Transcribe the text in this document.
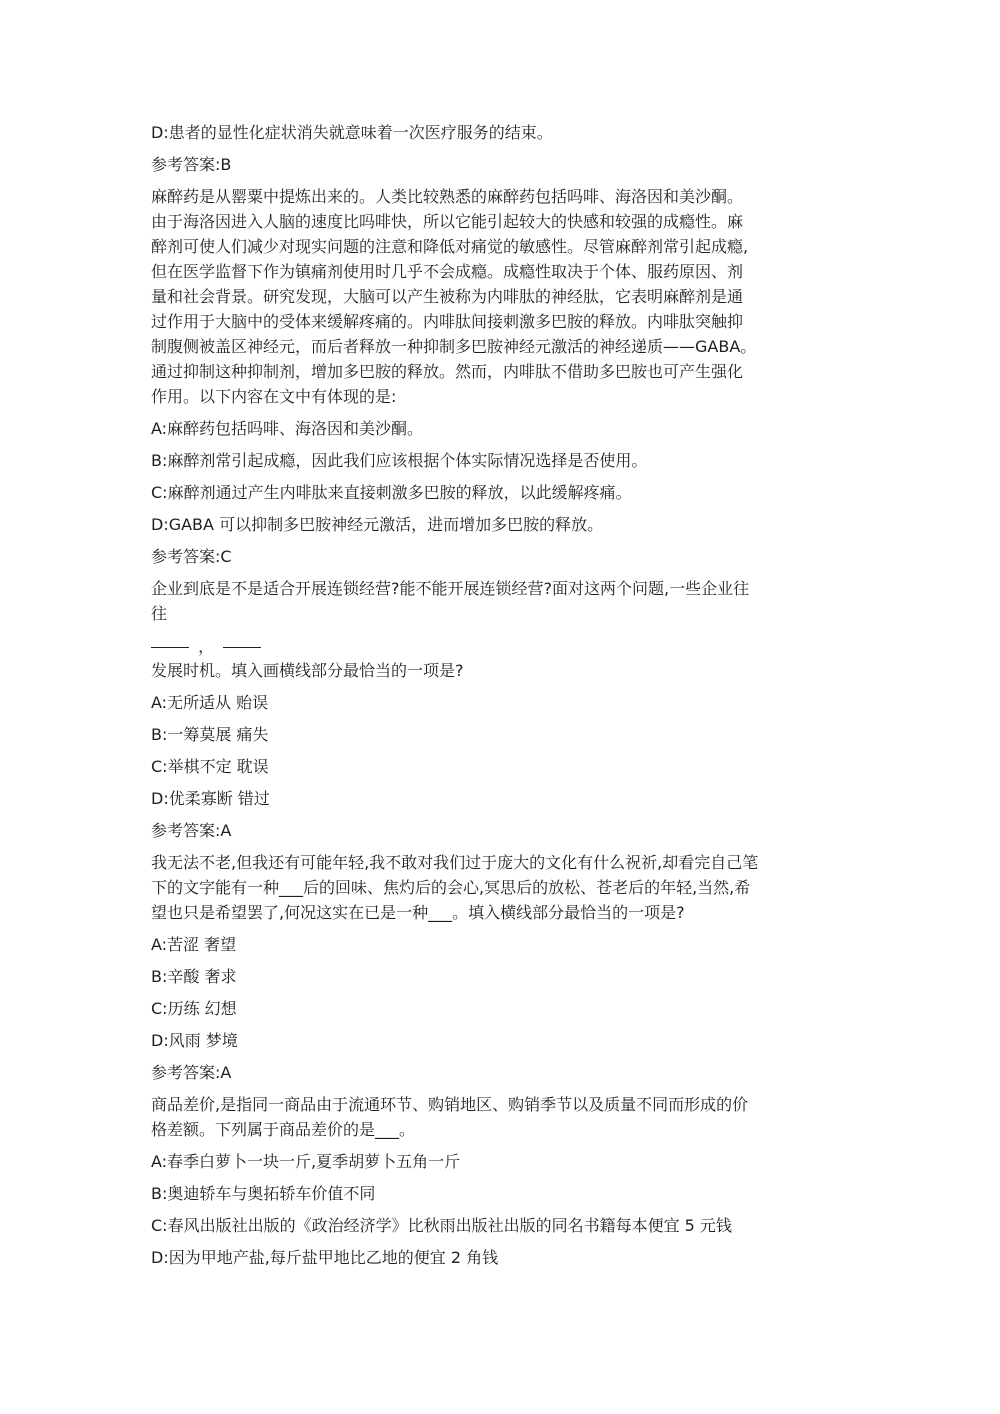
D:患者的显性化症状消失就意味着一次医疗服务的结束。

参考答案:B

麻醉药是从罂粟中提炼出来的。人类比较熟悉的麻醉药包括吗啡、海洛因和美沙酮。
由于海洛因进入人脑的速度比吗啡快，所以它能引起较大的快感和较强的成瘾性。麻
醉剂可使人们减少对现实问题的注意和降低对痛觉的敏感性。尽管麻醉剂常引起成瘾,
但在医学监督下作为镇痛剂使用时几乎不会成瘾。成瘾性取决于个体、服药原因、剂
量和社会背景。研究发现，大脑可以产生被称为内啡肽的神经肽，它表明麻醉剂是通
过作用于大脑中的受体来缓解疼痛的。内啡肽间接刺激多巴胺的释放。内啡肽突触抑
制腹侧被盖区神经元，而后者释放一种抑制多巴胺神经元激活的神经递质——GABA。
通过抑制这种抑制剂，增加多巴胺的释放。然而，内啡肽不借助多巴胺也可产生强化
作用。以下内容在文中有体现的是:

A:麻醉药包括吗啡、海洛因和美沙酮。

B:麻醉剂常引起成瘾，因此我们应该根据个体实际情况选择是否使用。

C:麻醉剂通过产生内啡肽来直接刺激多巴胺的释放，以此缓解疼痛。

D:GABA 可以抑制多巴胺神经元激活，进而增加多巴胺的释放。

参考答案:C

企业到底是不是适合开展连锁经营?能不能开展连锁经营?面对这两个问题,一些企业往
往

，

发展时机。填入画横线部分最恰当的一项是?

A:无所适从 贻误

B:一筹莫展 痛失

C:举棋不定 耽误

D:优柔寡断 错过

参考答案:A

我无法不老,但我还有可能年轻,我不敢对我们过于庞大的文化有什么祝祈,却看完自己笔
下的文字能有一种___后的回味、焦灼后的会心,冥思后的放松、苍老后的年轻,当然,希
望也只是希望罢了,何况这实在已是一种___。填入横线部分最恰当的一项是?

A:苦涩 奢望

B:辛酸 奢求

C:历练 幻想

D:风雨 梦境

参考答案:A

商品差价,是指同一商品由于流通环节、购销地区、购销季节以及质量不同而形成的价
格差额。下列属于商品差价的是___。

A:春季白萝卜一块一斤,夏季胡萝卜五角一斤

B:奥迪轿车与奥拓轿车价值不同

C:春风出版社出版的《政治经济学》比秋雨出版社出版的同名书籍每本便宜 5 元钱

D:因为甲地产盐,每斤盐甲地比乙地的便宜 2 角钱
